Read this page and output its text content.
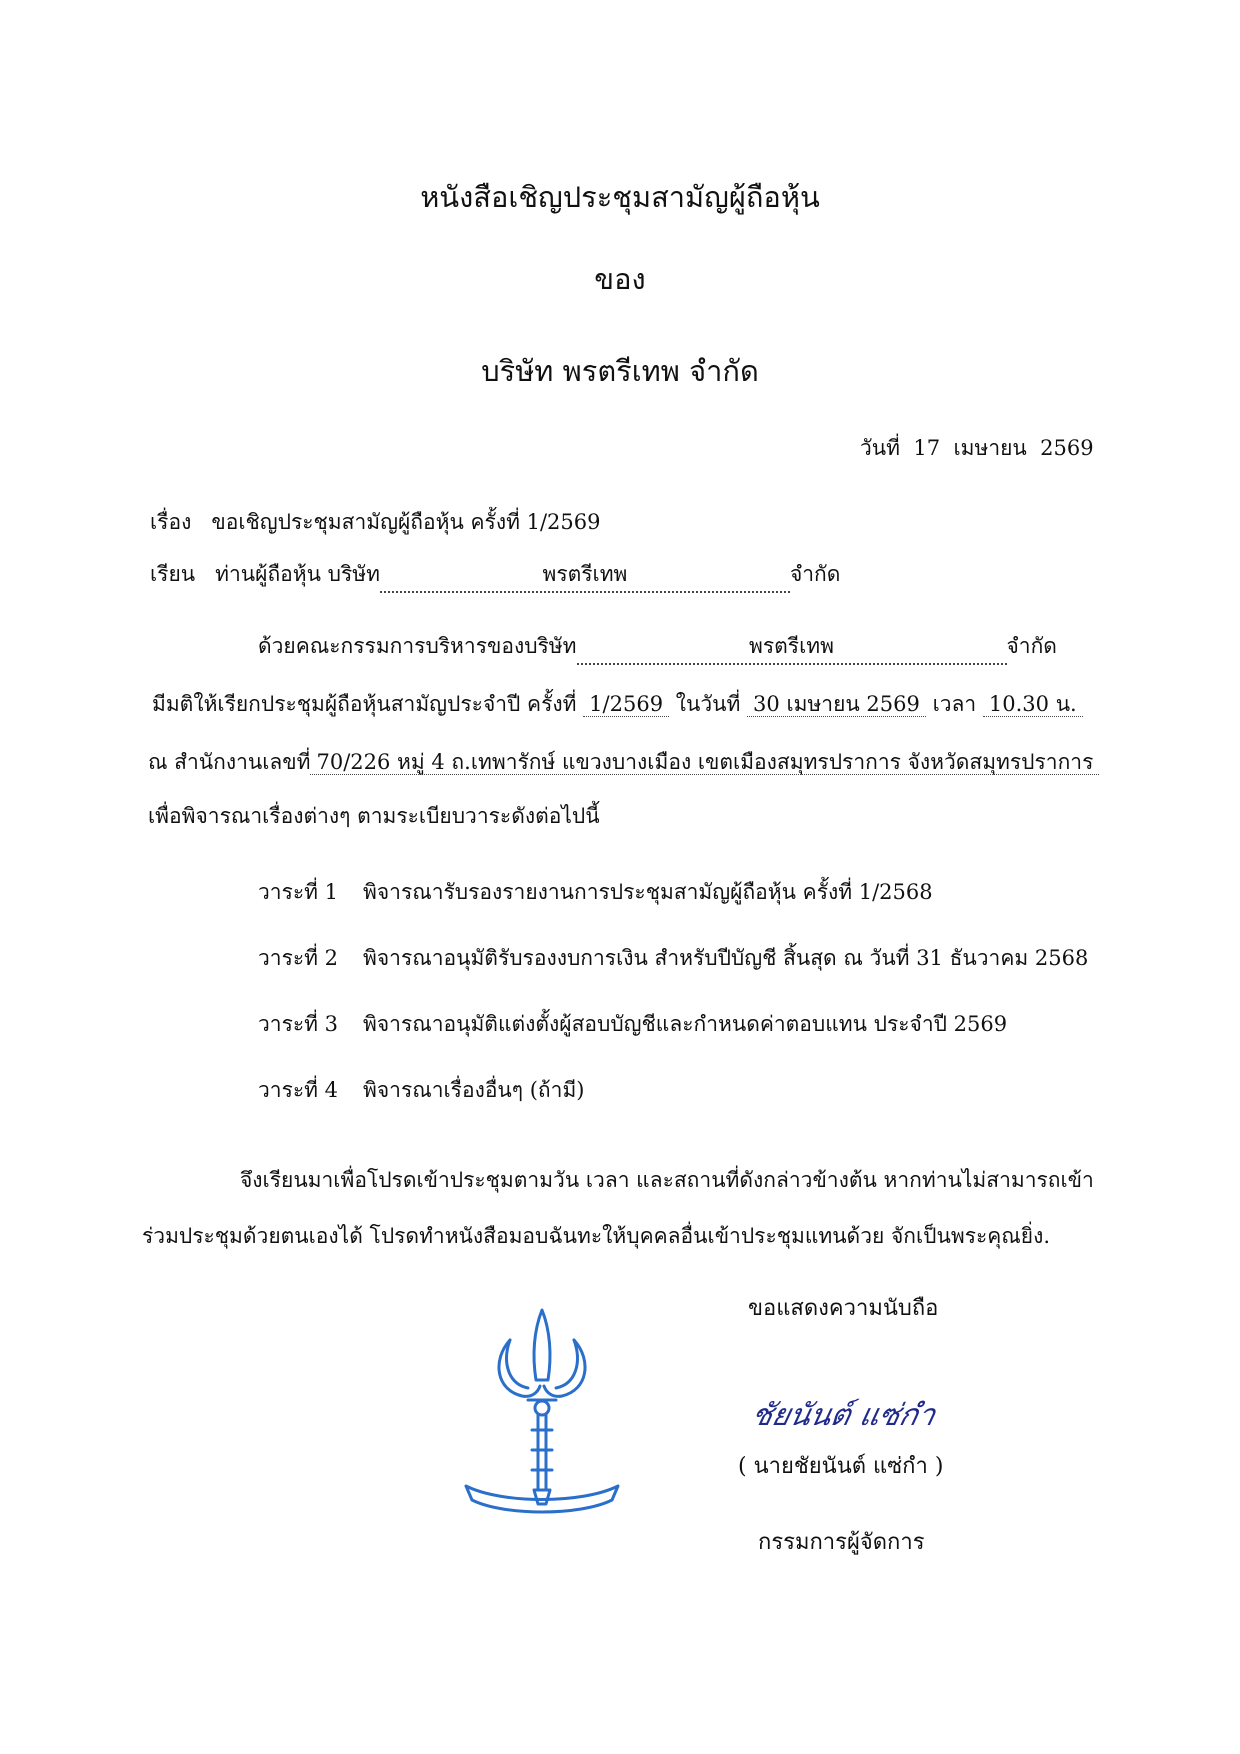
หนังสือเชิญประชุมสามัญผู้ถือหุ้น
ของ
บริษัท พรตรีเทพ จำกัด
วันที่ 17 เมษายน 2569
เรื่อง ขอเชิญประชุมสามัญผู้ถือหุ้น ครั้งที่ 1/2569
เรียน ท่านผู้ถือหุ้น บริษัท	พรตรีเทพ	จำกัด
ด้วยคณะกรรมการบริหารของบริษัท	พรตรีเทพ	จำกัด
มีมติให้เรียกประชุมผู้ถือหุ้นสามัญประจำปี ครั้งที่ 1/2569 ในวันที่ 30 เมษายน 2569 เวลา 10.30 น.
ณ สำนักงานเลขที่ 70/226 หมู่ 4 ถ.เทพารักษ์ แขวงบางเมือง เขตเมืองสมุทรปราการ จังหวัดสมุทรปราการ
เพื่อพิจารณาเรื่องต่างๆ ตามระเบียบวาระดังต่อไปนี้
วาระที่ 1 พิจารณารับรองรายงานการประชุมสามัญผู้ถือหุ้น ครั้งที่ 1/2568
วาระที่ 2 พิจารณาอนุมัติรับรองงบการเงิน สำหรับปีบัญชี สิ้นสุด ณ วันที่ 31 ธันวาคม 2568
วาระที่ 3 พิจารณาอนุมัติแต่งตั้งผู้สอบบัญชีและกำหนดค่าตอบแทน ประจำปี 2569
วาระที่ 4 พิจารณาเรื่องอื่นๆ (ถ้ามี)
จึงเรียนมาเพื่อโปรดเข้าประชุมตามวัน เวลา และสถานที่ดังกล่าวข้างต้น หากท่านไม่สามารถเข้า
ร่วมประชุมด้วยตนเองได้ โปรดทำหนังสือมอบฉันทะให้บุคคลอื่นเข้าประชุมแทนด้วย จักเป็นพระคุณยิ่ง.
ขอแสดงความนับถือ
ชัยนันต์ แซ่กำ
( นายชัยนันต์ แซ่กำ )
กรรมการผู้จัดการ
